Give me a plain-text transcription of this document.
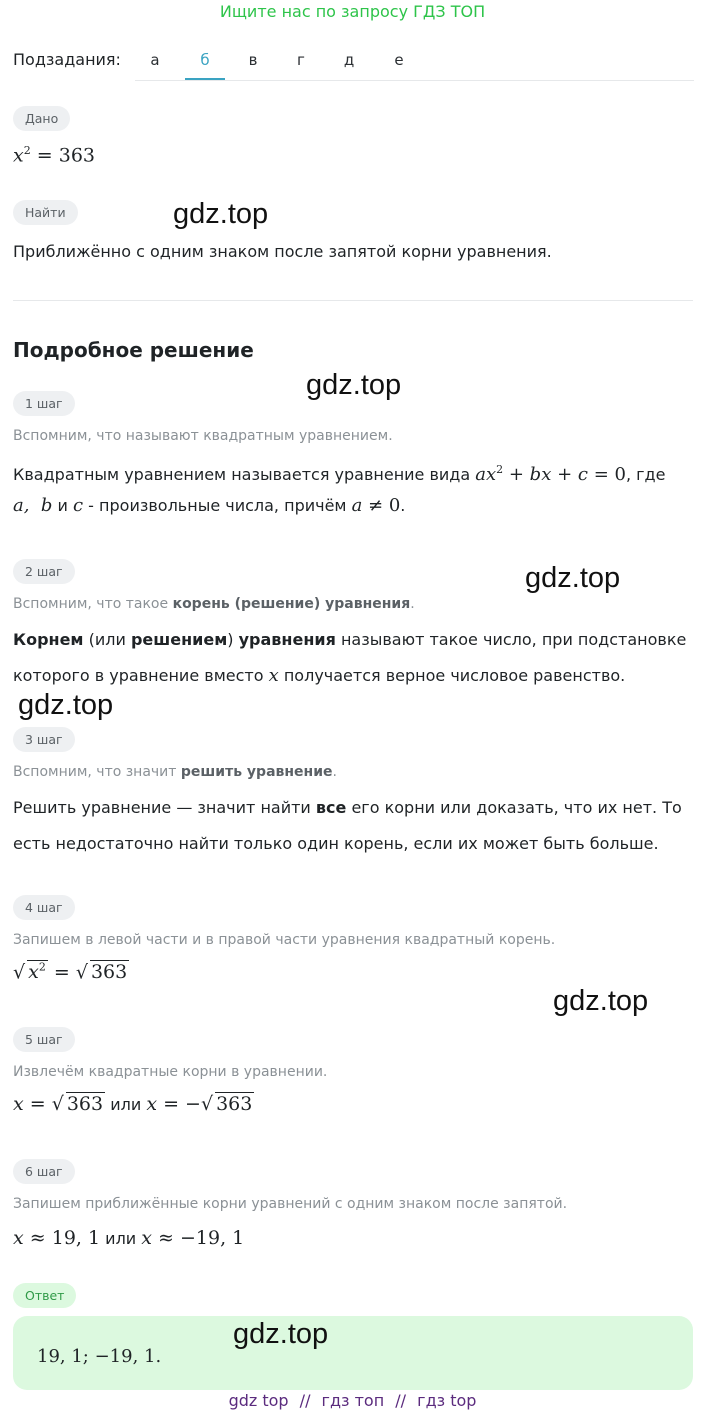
Ищите нас по запросу ГДЗ ТОП
Подзадания:	а	б	в	г	д	е
Дано
$x^2 = 363$
Найти	gdz.top
Приближённо с одним знаком после запятой корни уравнения.
Подробное решение
gdz.top
1 шаг
Вспомним, что называют квадратным уравнением.
Квадратным уравнением называется уравнение вида $ax^2$ + bx + c = 0, где
a,  b и c - произвольные числа, причём a ≠ 0.
2 шаг	gdz.top
Вспомним, что такое корень (решение) уравнения.
Корнем (или решением) уравнения называют такое число, при подстановке
которого в уравнение вместо x получается верное числовое равенство.
gdz.top
3 шаг
Вспомним, что значит решить уравнение.
Решить уравнение — значит найти все его корни или доказать, что их нет. То
есть недостаточно найти только один корень, если их может быть больше.
4 шаг
Запишем в левой части и в правой части уравнения квадратный корень.
√ $x^2$ = √ 363
gdz.top
5 шаг
Извлечём квадратные корни в уравнении.
x = √ 363 или x = −√ 363
6 шаг
Запишем приближённые корни уравнений с одним знаком после запятой.
x ≈ 19, 1 или x ≈ −19, 1
Ответ
19, 1; −19, 1.
gdz.top
gdz top // гдз топ // гдз top
